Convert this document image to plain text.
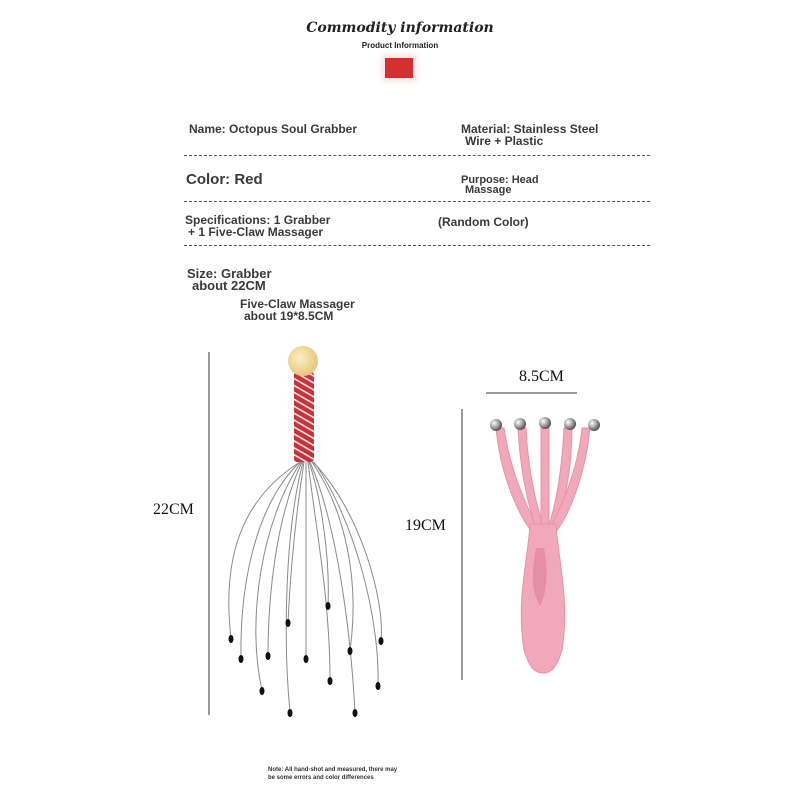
Commodity information
Product Information
Name: Octopus Soul Grabber	Material: Stainless Steel
Wire + Plastic
Color: Red	Purpose: Head
Massage
Specifications: 1 Grabber
+ 1 Five-Claw Massager
(Random Color)
Size: Grabber
about 22CM
Five-Claw Massager
about 19*8.5CM
22CM
19CM
8.5CM
Note: All hand-shot and measured, there may
be some errors and color differences
